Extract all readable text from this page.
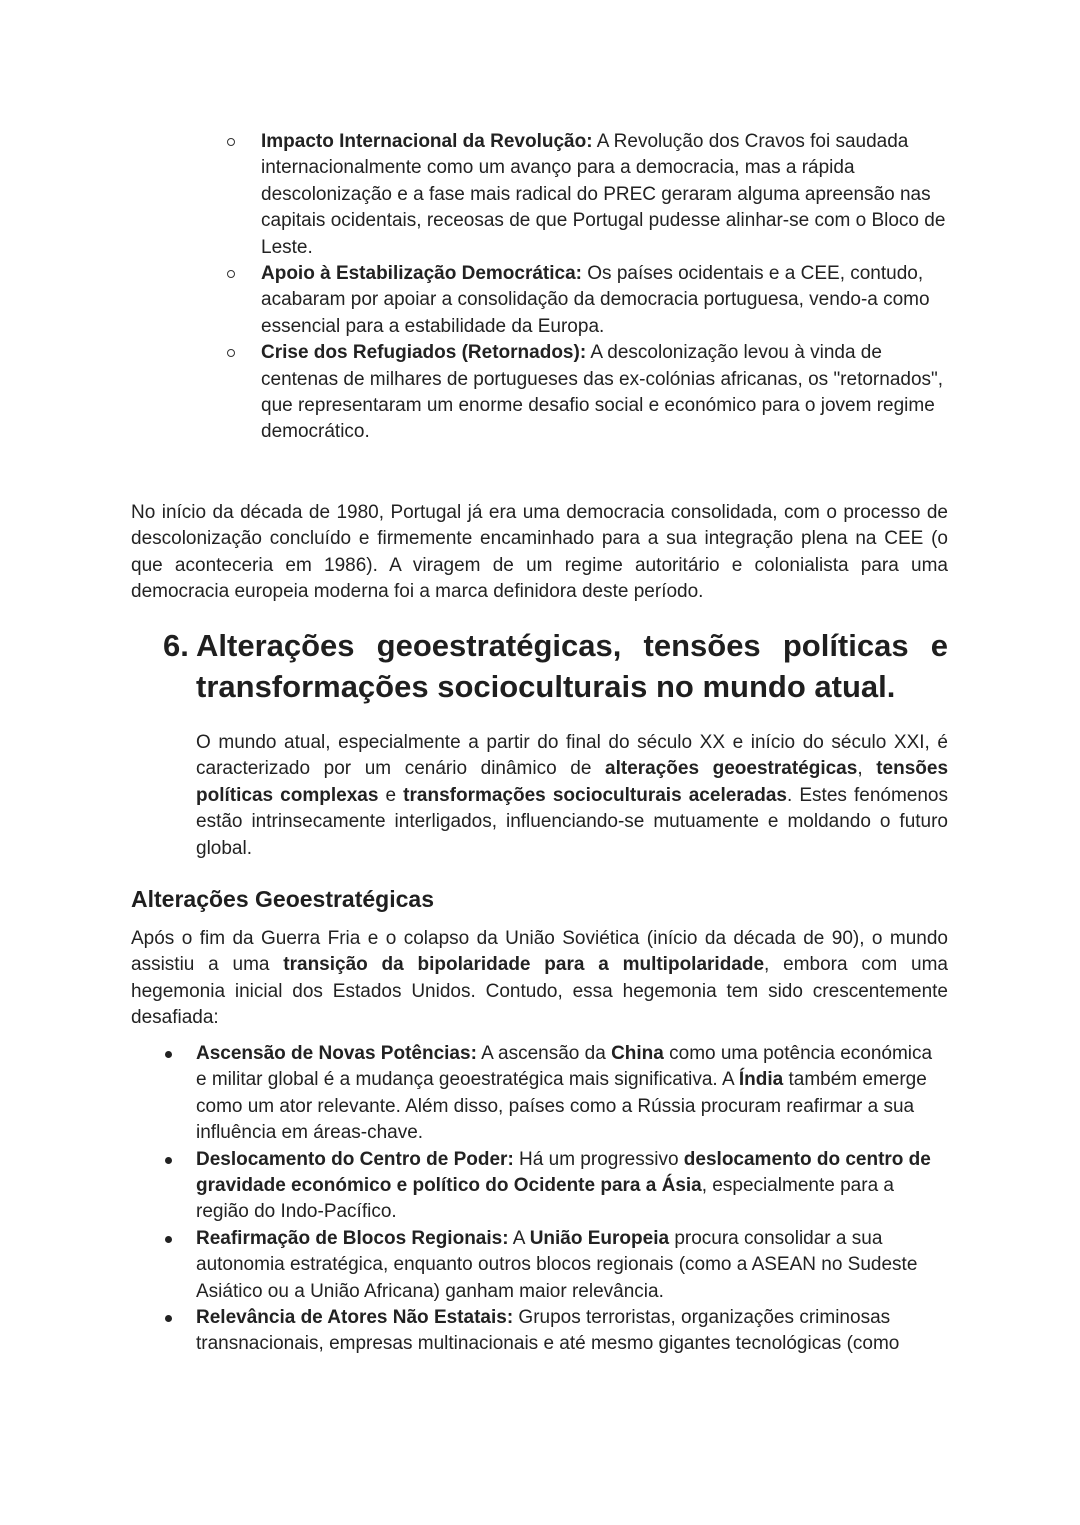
Impacto Internacional da Revolução: A Revolução dos Cravos foi saudada internacionalmente como um avanço para a democracia, mas a rápida descolonização e a fase mais radical do PREC geraram alguma apreensão nas capitais ocidentais, receosas de que Portugal pudesse alinhar-se com o Bloco de Leste.
Apoio à Estabilização Democrática: Os países ocidentais e a CEE, contudo, acabaram por apoiar a consolidação da democracia portuguesa, vendo-a como essencial para a estabilidade da Europa.
Crise dos Refugiados (Retornados): A descolonização levou à vinda de centenas de milhares de portugueses das ex-colónias africanas, os "retornados", que representaram um enorme desafio social e económico para o jovem regime democrático.

No início da década de 1980, Portugal já era uma democracia consolidada, com o processo de descolonização concluído e firmemente encaminhado para a sua integração plena na CEE (o que aconteceria em 1986). A viragem de um regime autoritário e colonialista para uma democracia europeia moderna foi a marca definidora deste período.

6. Alterações geoestratégicas, tensões políticas e
transformações socioculturais no mundo atual.

O mundo atual, especialmente a partir do final do século XX e início do século XXI, é caracterizado por um cenário dinâmico de alterações geoestratégicas, tensões políticas complexas e transformações socioculturais aceleradas. Estes fenómenos estão intrinsecamente interligados, influenciando-se mutuamente e moldando o futuro global.

Alterações Geoestratégicas

Após o fim da Guerra Fria e o colapso da União Soviética (início da década de 90), o mundo assistiu a uma transição da bipolaridade para a multipolaridade, embora com uma hegemonia inicial dos Estados Unidos. Contudo, essa hegemonia tem sido crescentemente desafiada:

Ascensão de Novas Potências: A ascensão da China como uma potência económica e militar global é a mudança geoestratégica mais significativa. A Índia também emerge como um ator relevante. Além disso, países como a Rússia procuram reafirmar a sua influência em áreas-chave.
Deslocamento do Centro de Poder: Há um progressivo deslocamento do centro de gravidade económico e político do Ocidente para a Ásia, especialmente para a região do Indo-Pacífico.
Reafirmação de Blocos Regionais: A União Europeia procura consolidar a sua autonomia estratégica, enquanto outros blocos regionais (como a ASEAN no Sudeste Asiático ou a União Africana) ganham maior relevância.
Relevância de Atores Não Estatais: Grupos terroristas, organizações criminosas transnacionais, empresas multinacionais e até mesmo gigantes tecnológicas (como
